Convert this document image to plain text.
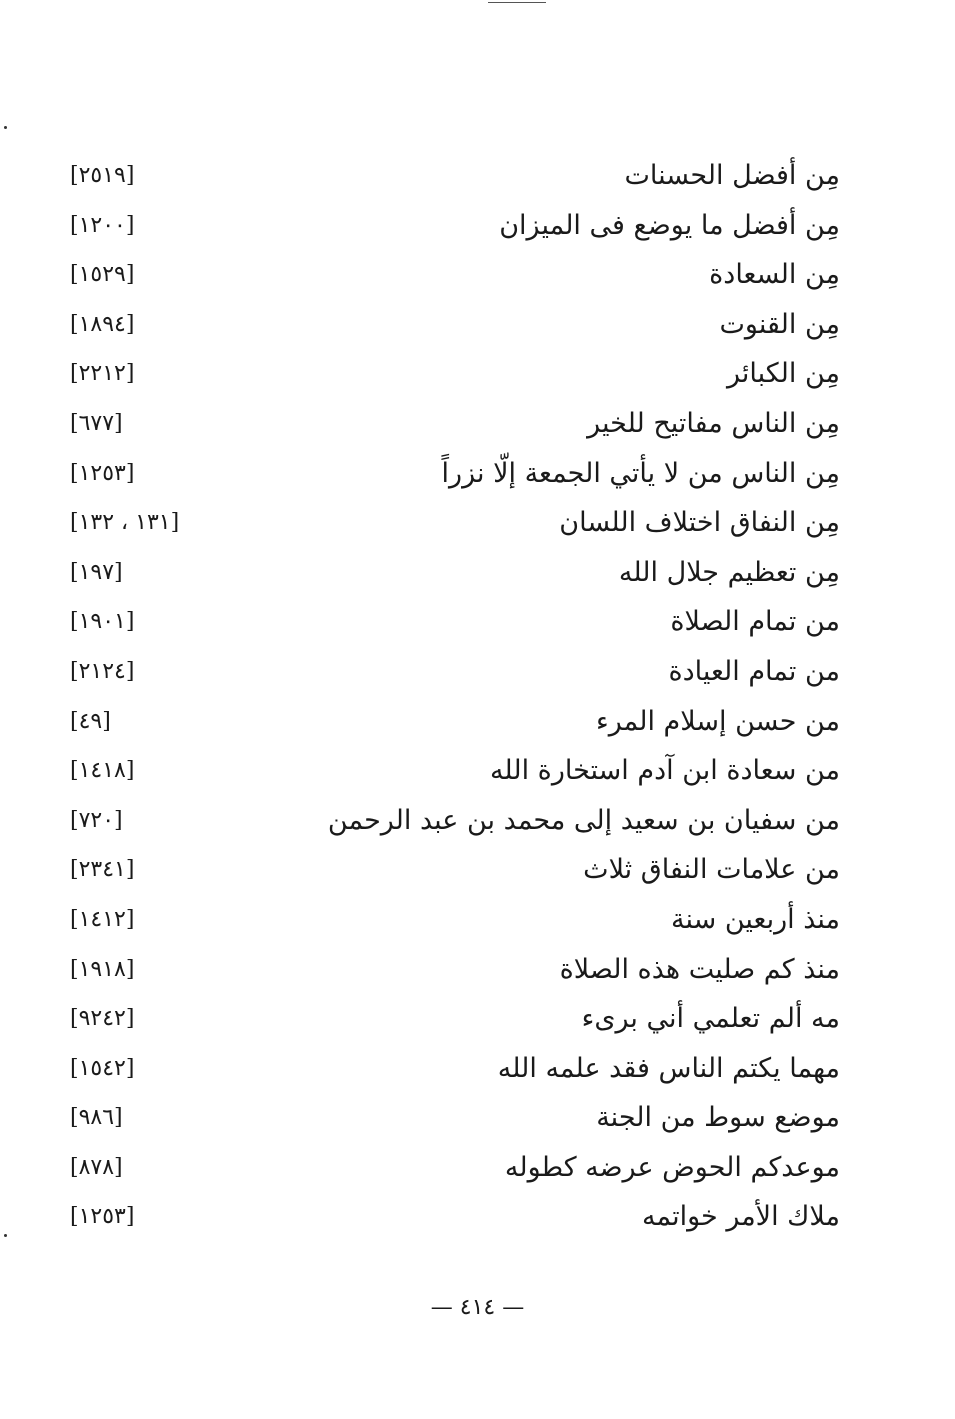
مِن أفضل الحسنات
[٢٥١٩]
مِن أفضل ما يوضع فى الميزان
[١٢٠٠]
مِن السعادة
[١٥٢٩]
مِن القنوت
[١٨٩٤]
مِن الكبائر
[٢٢١٢]
مِن الناس مفاتيح للخير
[٦٧٧]
مِن الناس من لا يأتي الجمعة إلّا نزراً
[١٢٥٣]
مِن النفاق اختلاف اللسان
[١٣١ ، ١٣٢]
مِن تعظيم جلال الله
[١٩٧]
من تمام الصلاة
[١٩٠١]
من تمام العيادة
[٢١٢٤]
من حسن إسلام المرء
[٤٩]
من سعادة ابن آدم استخارة الله
[١٤١٨]
من سفيان بن سعيد إلى محمد بن عبد الرحمن
[٧٢٠]
من علامات النفاق ثلاث
[٢٣٤١]
منذ أربعين سنة
[١٤١٢]
منذ كم صليت هذه الصلاة
[١٩١٨]
مه ألم تعلمي أني برىء
[٩٢٤٢]
مهما يكتم الناس فقد علمه الله
[١٥٤٢]
موضع سوط من الجنة
[٩٨٦]
موعدكم الحوض عرضه كطوله
[٨٧٨]
ملاك الأمر خواتمه
[١٢٥٣]
— ٤١٤ —
